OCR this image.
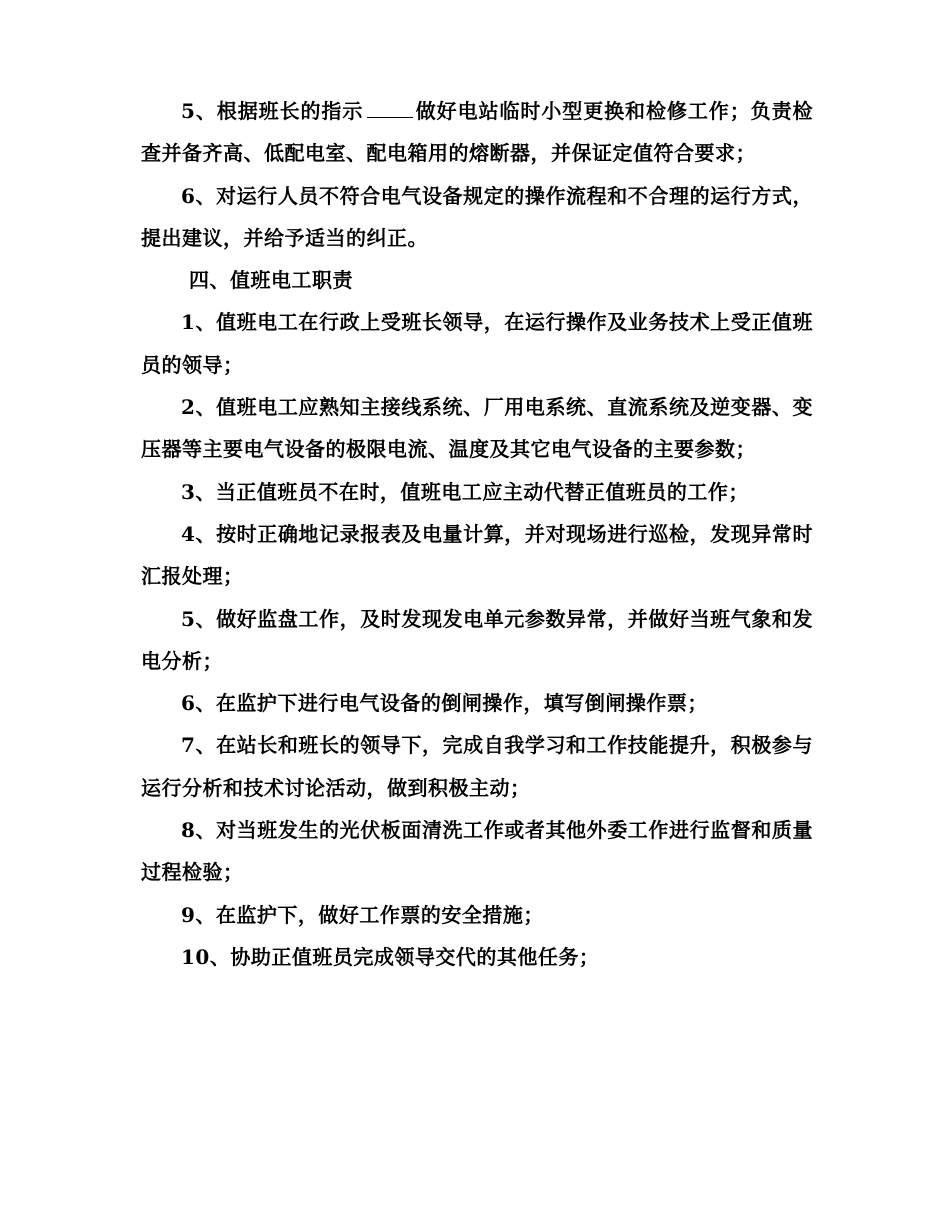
5、根据班长的指示	做好电站临时小型更换和检修工作；负责检查并备齐高、低配电室、配电箱用的熔断器，并保证定值符合要求；

6、对运行人员不符合电气设备规定的操作流程和不合理的运行方式，提出建议，并给予适当的纠正。

四、值班电工职责

1、值班电工在行政上受班长领导，在运行操作及业务技术上受正值班员的领导；

2、值班电工应熟知主接线系统、厂用电系统、直流系统及逆变器、变压器等主要电气设备的极限电流、温度及其它电气设备的主要参数；

3、当正值班员不在时，值班电工应主动代替正值班员的工作；

4、按时正确地记录报表及电量计算，并对现场进行巡检，发现异常时汇报处理；

5、做好监盘工作，及时发现发电单元参数异常，并做好当班气象和发电分析；

6、在监护下进行电气设备的倒闸操作，填写倒闸操作票；

7、在站长和班长的领导下，完成自我学习和工作技能提升，积极参与运行分析和技术讨论活动，做到积极主动；

8、对当班发生的光伏板面清洗工作或者其他外委工作进行监督和质量过程检验；

9、在监护下，做好工作票的安全措施；

10、协助正值班员完成领导交代的其他任务；
